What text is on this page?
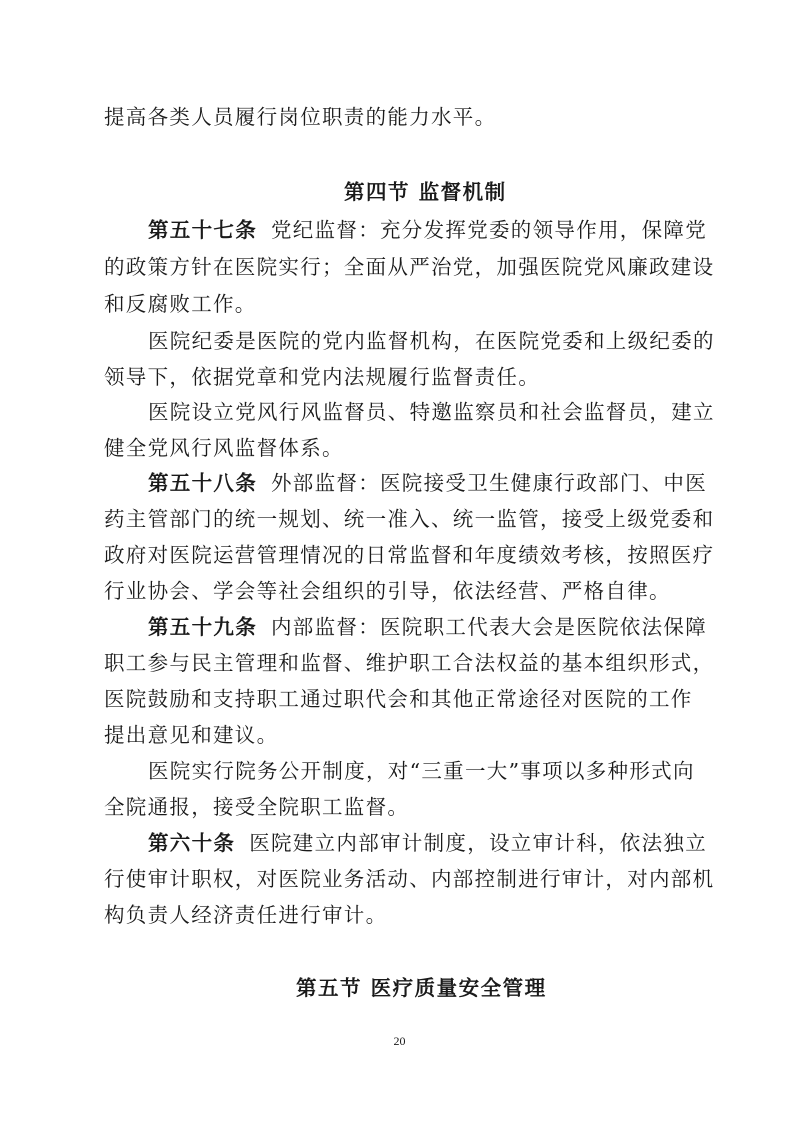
提高各类人员履行岗位职责的能力水平。
第四节 监督机制
第五十七条 党纪监督：充分发挥党委的领导作用，保障党
的政策方针在医院实行；全面从严治党，加强医院党风廉政建设
和反腐败工作。
医院纪委是医院的党内监督机构，在医院党委和上级纪委的
领导下，依据党章和党内法规履行监督责任。
医院设立党风行风监督员、特邀监察员和社会监督员，建立
健全党风行风监督体系。
第五十八条 外部监督：医院接受卫生健康行政部门、中医
药主管部门的统一规划、统一准入、统一监管，接受上级党委和
政府对医院运营管理情况的日常监督和年度绩效考核，按照医疗
行业协会、学会等社会组织的引导，依法经营、严格自律。
第五十九条 内部监督：医院职工代表大会是医院依法保障
职工参与民主管理和监督、维护职工合法权益的基本组织形式，
医院鼓励和支持职工通过职代会和其他正常途径对医院的工作
提出意见和建议。
医院实行院务公开制度，对“三重一大”事项以多种形式向
全院通报，接受全院职工监督。
第六十条 医院建立内部审计制度，设立审计科，依法独立
行使审计职权，对医院业务活动、内部控制进行审计，对内部机
构负责人经济责任进行审计。
第五节 医疗质量安全管理
20
